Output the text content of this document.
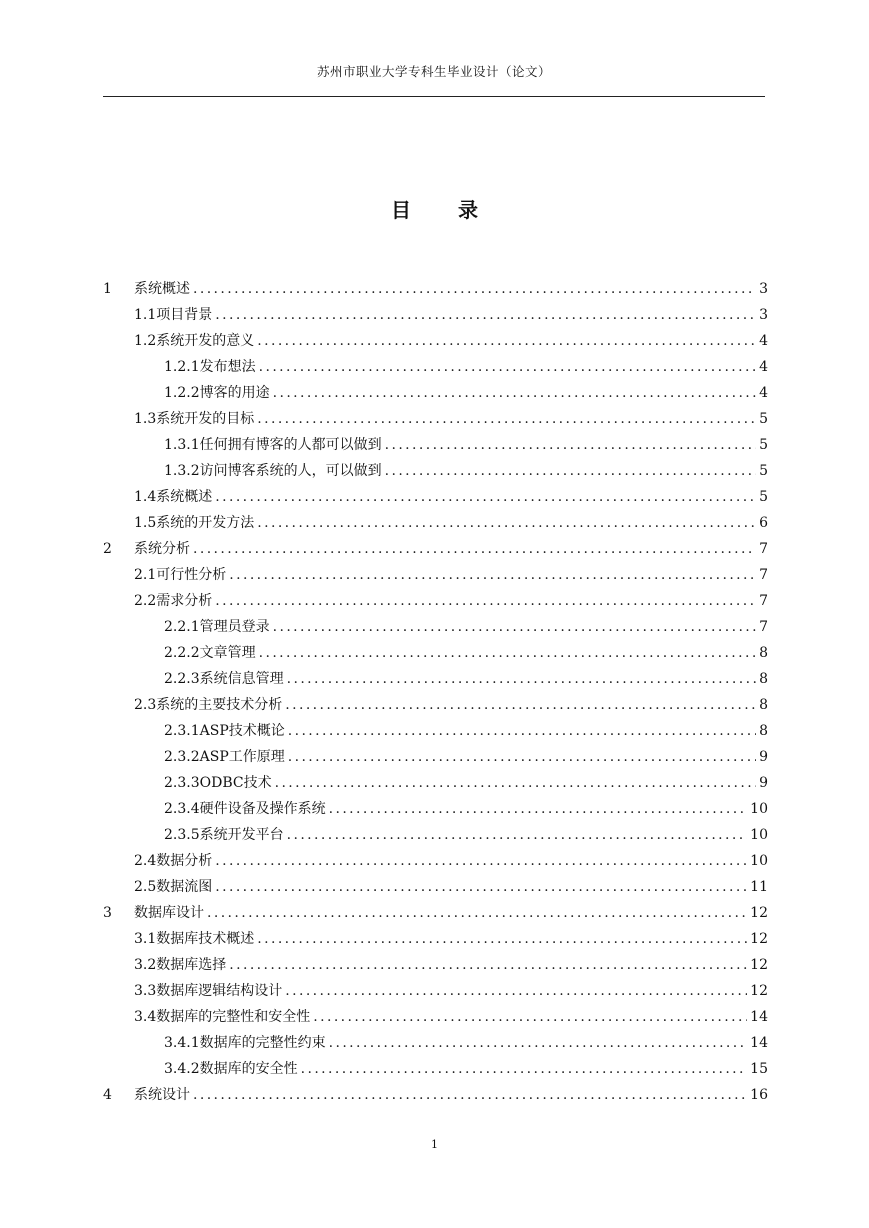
苏州市职业大学专科生毕业设计（论文）
目 录
1	系统概述 .....	3
1.1 项目背景 .....	3
1.2 系统开发的意义 .....	4
1.2.1 发布想法 .....	4
1.2.2 博客的用途 .....	4
1.3 系统开发的目标 .....	5
1.3.1 任何拥有博客的人都可以做到 .....	5
1.3.2 访问博客系统的人，可以做到 .....	5
1.4 系统概述 .....	5
1.5 系统的开发方法 .....	6
2	系统分析 .....	7
2.1 可行性分析 .....	7
2.2 需求分析 .....	7
2.2.1 管理员登录 .....	7
2.2.2 文章管理 .....	8
2.2.3 系统信息管理 .....	8
2.3 系统的主要技术分析 .....	8
2.3.1 ASP技术概论 .....	8
2.3.2 ASP工作原理 .....	9
2.3.3 ODBC技术 .....	9
2.3.4 硬件设备及操作系统 .....	10
2.3.5 系统开发平台 .....	10
2.4 数据分析 .....	10
2.5 数据流图 .....	11
3	数据库设计 .....	12
3.1 数据库技术概述 .....	12
3.2 数据库选择 .....	12
3.3 数据库逻辑结构设计 .....	12
3.4 数据库的完整性和安全性 .....	14
3.4.1 数据库的完整性约束 .....	14
3.4.2 数据库的安全性 .....	15
4	系统设计 .....	16
1
